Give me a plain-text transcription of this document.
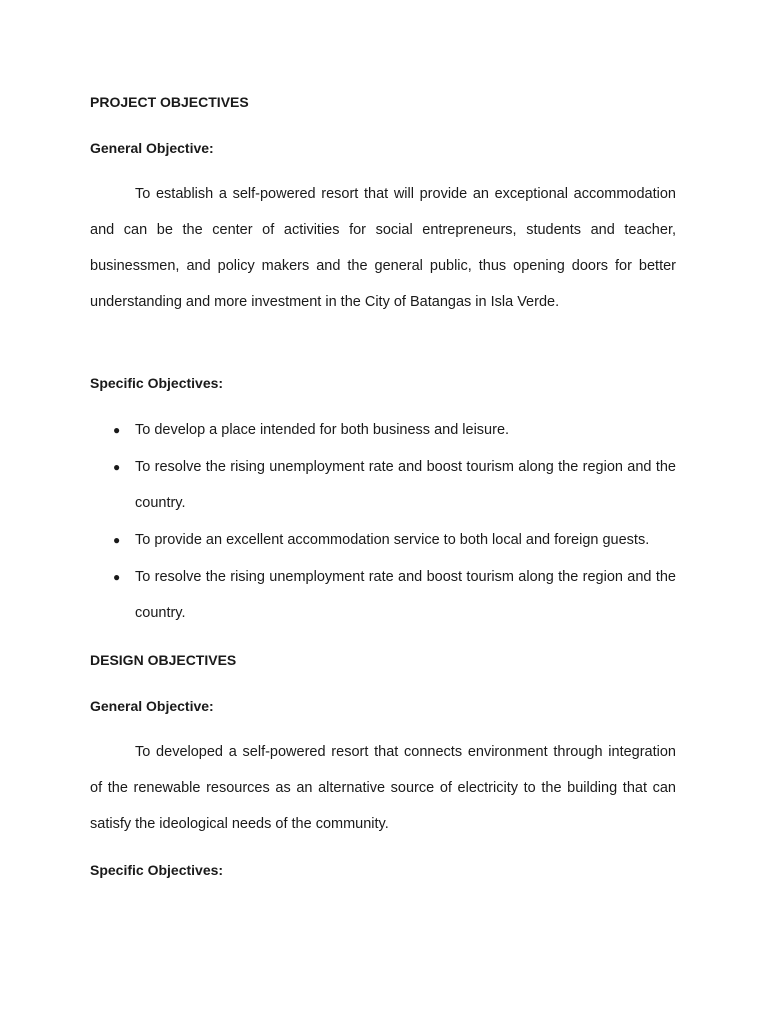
PROJECT OBJECTIVES
General Objective:

To establish a self-powered resort that will provide an exceptional accommodation and can be the center of activities for social entrepreneurs, students and teacher, businessmen, and policy makers and the general public, thus opening doors for better understanding and more investment in the City of Batangas in Isla Verde.

Specific Objectives:
● To develop a place intended for both business and leisure.
● To resolve the rising unemployment rate and boost tourism along the region and the country.
● To provide an excellent accommodation service to both local and foreign guests.
● To resolve the rising unemployment rate and boost tourism along the region and the country.
DESIGN OBJECTIVES
General Objective:

To developed a self-powered resort that connects environment through integration of the renewable resources as an alternative source of electricity to the building that can satisfy the ideological needs of the community.

Specific Objectives:
